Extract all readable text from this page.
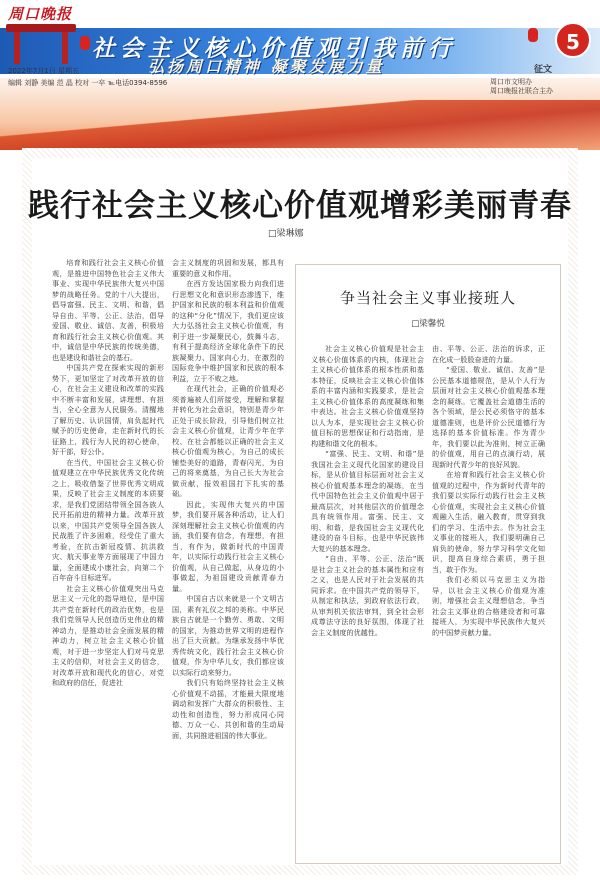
周口晚报
社会主义核心价值观引我前行
弘扬周口精神 凝聚发展力量
5
征文
2022年7月1日 星期五
编辑 刘静 美编 范 晶 校对 一卒 ℡电话0394-8596	周口市文明办
周口晚报社联合主办
践行社会主义核心价值观增彩美丽青春
□梁琳娜

培育和践行社会主义核心价值观，是推进中国特色社会主义伟大事业、实现中华民族伟大复兴中国梦的战略任务。党的十八大提出，倡导富强、民主、文明、和谐，倡导自由、平等、公正、法治，倡导爱国、敬业、诚信、友善，积极培育和践行社会主义核心价值观。其中，诚信是中华民族的传统美德，也是建设和谐社会的基石。

中国共产党在探索实现的新形势下，更加坚定了对改革开放的信心，在社会主义建设和改革的实践中不断丰富和发展，讲理想、有担当，全心全意为人民服务。清醒地了解历史、认识国情，肩负起时代赋予的历史使命，走在新时代的长征路上，践行为人民的初心使命，好干部，好公仆。

在当代，中国社会主义核心价值观建立在中华民族优秀文化传统之上，吸收借鉴了世界优秀文明成果，反映了社会主义制度的本质要求，是我们党团结带领全国各族人民开拓前进的精神力量。改革开放以来，中国共产党领导全国各族人民战胜了许多困难，经受住了重大考验，在抗击新冠疫情、抗洪救灾、航天事业等方面展现了中国力量，全面建成小康社会，向第二个百年奋斗目标进军。

社会主义核心价值观突出马克思主义一元化的指导地位，是中国共产党在新时代的政治优势，也是我们党领导人民创造历史伟业的精神动力，是推动社会全面发展的精神动力，树立社会主义核心价值观，对于进一步坚定人们对马克思主义的信仰，对社会主义的信念，对改革开放和现代化的信心，对党和政府的信任，促进社

会主义制度的巩固和发展，都具有重要的意义和作用。

在西方发达国家极力向我们进行思想文化和意识形态渗透下，维护国家和民族的根本利益和价值观的这种“分化”情况下，我们更应该大力弘扬社会主义核心价值观，有利于进一步凝聚民心，鼓舞斗志，有利于提高经济全球化条件下的民族凝聚力、国家向心力，在激烈的国际竞争中维护国家和民族的根本利益，立于不败之地。

在现代社会，正确的价值观必须普遍被人们所接受，理解和掌握并转化为社会意识，特别是青少年正处于成长阶段，引导他们树立社会主义核心价值观，让青少年在学校、在社会都能以正确的社会主义核心价值观为核心，为自己的成长铺垫美好的道路，青春闪光，为自己的将来奠基，为自己长大为社会做贡献，报效祖国打下扎实的基础。

因此，实现伟大复兴的中国梦，我们要开展各种活动，让人们深刻理解社会主义核心价值观的内涵，我们要有信念，有理想，有担当，有作为，做新时代的中国青年，以实际行动践行社会主义核心价值观，从自己做起，从身边的小事做起，为祖国建设贡献青春力量。

中国自古以来就是一个文明古国，素有礼仪之邦的美称。中华民族自古就是一个勤劳、勇敢、文明的国家，为推动世界文明的进程作出了巨大贡献。为继承发扬中华优秀传统文化，践行社会主义核心价值观，作为中华儿女，我们都应该以实际行动来努力。

我们只有始终坚持社会主义核心价值观不动摇，才能最大限度地调动和发挥广大群众的积极性、主动性和创造性，努力形成同心同德、万众一心、共创和谐的生动局面，共同推进祖国的伟大事业。

争当社会主义事业接班人
□梁馨悦

社会主义核心价值观是社会主义核心价值体系的内核，体现社会主义核心价值体系的根本性质和基本特征，反映社会主义核心价值体系的丰富内涵和实践要求，是社会主义核心价值体系的高度凝练和集中表达。社会主义核心价值观坚持以人为本，是实现社会主义核心价值目标的思想保证和行动指南，是构建和谐文化的根本。

“富强、民主、文明、和谐”是我国社会主义现代化国家的建设目标，是从价值目标层面对社会主义核心价值观基本理念的凝练，在当代中国特色社会主义价值观中居于最高层次，对其他层次的价值理念具有统领作用。富强、民主、文明、和谐，是我国社会主义现代化建设的奋斗目标，也是中华民族伟大复兴的基本理念。

“自由、平等、公正、法治”既是社会主义社会的基本属性和应有之义，也是人民对于社会发展的共同诉求。在中国共产党的领导下，从制定和执法，到政府依法行政，从审判机关依法审判，到全社会形成尊法守法的良好氛围，体现了社会主义制度的优越性。

由、平等、公正、法治的诉求，正在化成一股股奋进的力量。

“爱国、敬业、诚信、友善”是公民基本道德规范，是从个人行为层面对社会主义核心价值观基本理念的凝练。它覆盖社会道德生活的各个领域，是公民必须恪守的基本道德准则，也是评价公民道德行为选择的基本价值标准。作为青少年，我们要以此为准则，树立正确的价值观，用自己的点滴行动，展现新时代青少年的良好风貌。

在培育和践行社会主义核心价值观的过程中，作为新时代青年的我们要以实际行动践行社会主义核心价值观，实现社会主义核心价值观融入生活，融入教育，贯穿到我们的学习、生活中去。作为社会主义事业的接班人，我们要明确自己肩负的使命，努力学习科学文化知识，提高自身综合素质，勇于担当，敢于作为。

我们必须以马克思主义为指导，以社会主义核心价值观为准则，增强社会主义理想信念，争当社会主义事业的合格建设者和可靠接班人，为实现中华民族伟大复兴的中国梦贡献力量。
